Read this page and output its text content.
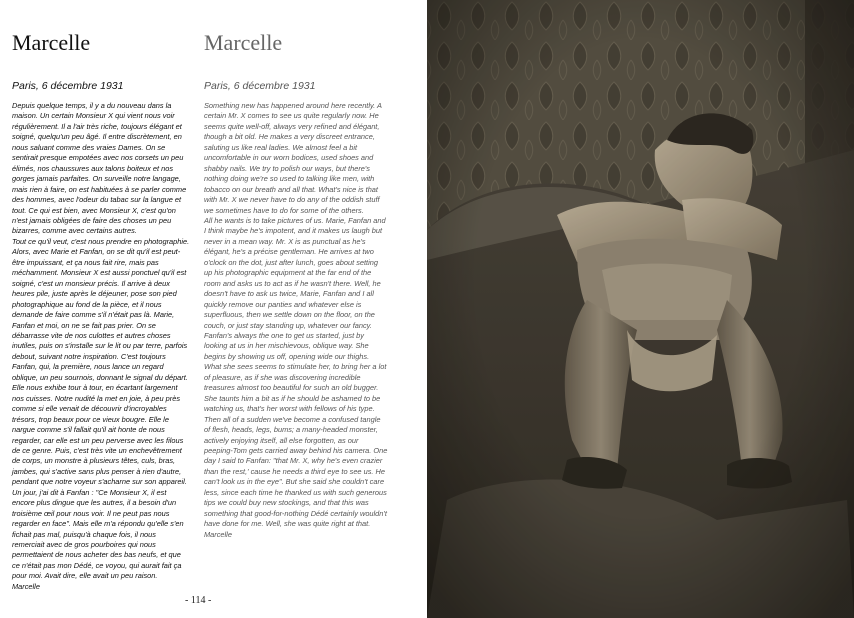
Marcelle
Paris, 6 décembre 1931

Depuis quelque temps, il y a du nouveau dans la maison. Un certain Monsieur X qui vient nous voir régulièrement. Il a l'air très riche, toujours élégant et soigné, quelqu'un peu âgé. Il entre discrètement, en nous saluant comme des vraies Dames. On se sentirait presque empotées avec nos corsets un peu élimés, nos chaussures aux talons boiteux et nos gorges jamais parfaites. On surveille notre langage, mais rien à faire, on est habituées à se parler comme des hommes, avec l'odeur du tabac sur la langue et tout. Ce qui est bien, avec Monsieur X, c'est qu'on n'est jamais obligées de faire des choses un peu bizarres, comme avec certains autres.

Tout ce qu'il veut, c'est nous prendre en photographie. Alors, avec Marie et Fanfan, on se dit qu'il est peut-être impuissant, et ça nous fait rire, mais pas méchamment. Monsieur X est aussi ponctuel qu'il est soigné, c'est un monsieur précis. Il arrive à deux heures pile, juste après le déjeuner, pose son pied photographique au fond de la pièce, et il nous demande de faire comme s'il n'était pas là. Marie, Fanfan et moi, on ne se fait pas prier. On se débarrasse vite de nos culottes et autres choses inutiles, puis on s'installe sur le lit ou par terre, parfois debout, suivant notre inspiration. C'est toujours Fanfan, qui, la première, nous lance un regard oblique, un peu sournois, donnant le signal du départ. Elle nous exhibe tour à tour, en écartant largement nos cuisses. Notre nudité la met en joie, à peu près comme si elle venait de découvrir d'incroyables trésors, trop beaux pour ce vieux bougre. Elle le nargue comme s'il fallait qu'il ait honte de nous regarder, car elle est un peu perverse avec les filous de ce genre. Puis, c'est très vite un enchevêtrement de corps, un monstre à plusieurs têtes, culs, bras, jambes, qui s'active sans plus penser à rien d'autre, pendant que notre voyeur s'acharne sur son appareil. Un jour, j'ai dit à Fanfan : "Ce Monsieur X, il est encore plus dingue que les autres, il a besoin d'un troisième œil pour nous voir. Il ne peut pas nous regarder en face". Mais elle m'a répondu qu'elle s'en fichait pas mal, puisqu'à chaque fois, il nous remerciait avec de gros pourboires qui nous permettaient de nous acheter des bas neufs, et que ce n'était pas mon Dédé, ce voyou, qui aurait fait ça pour moi. Avait dire, elle avait un peu raison.

Marcelle

Marcelle
Paris, 6 décembre 1931

Something new has happened around here recently. A certain Mr. X comes to see us quite regularly now. He seems quite well-off, always very refined and élégant, though a bit old. He makes a very discreet entrance, saluting us like real ladies. We almost feel a bit uncomfortable in our worn bodices, used shoes and shabby nails. We try to polish our ways, but there's nothing doing we're so used to talking like men, with tobacco on our breath and all that. What's nice is that with Mr. X we never have to do any of the oddish stuff we sometimes have to do for some of the others.

All he wants is to take pictures of us. Marie, Fanfan and I think maybe he's impotent, and it makes us laugh but never in a mean way. Mr. X is as punctual as he's élégant, he's a précise gentleman. He arrives at two o'clock on the dot, just after lunch, goes about setting up his photographic equipment at the far end of the room and asks us to act as if he wasn't there. Well, he doesn't have to ask us twice, Marie, Fanfan and I all quickly remove our panties and whatever else is superfluous, then we settle down on the floor, on the couch, or just stay standing up, whatever our fancy. Fanfan's always the one to get us started, just by looking at us in her mischievous, oblique way. She begins by showing us off, opening wide our thighs. What she sees seems to stimulate her, to bring her a lot of pleasure, as if she was discovering incredible treasures almost too beautiful for such an old bugger. She taunts him a bit as if he should be ashamed to be watching us, that's her worst with fellows of his type. Then all of a sudden we've become a confused tangle of flesh, heads, legs, bums; a many-headed monster, actively enjoying itself, all else forgotten, as our peeping-Tom gets carried away behind his camera. One day I said to Fanfan: "that Mr. X, why he's even crazier than the rest,' cause he needs a third eye to see us. He can't look us in the eye". But she said she couldn't care less, since each time he thanked us with such generous tips we could buy new stockings, and that this was something that good-for-nothing Dédé certainly wouldn't have done for me. Well, she was quite right at that.

Marcelle

- 114 -
